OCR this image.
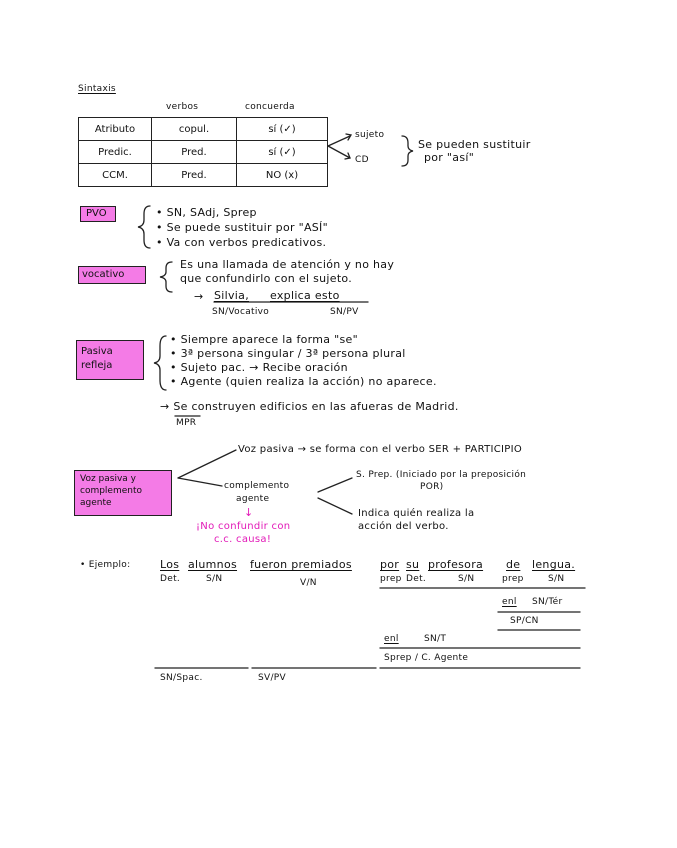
Sintaxis
verbos	concuerda
Atributo	copul.	sí (✓)
Predic.	Pred.	sí (✓)
CCM.	Pred.	NO (x)
sujeto
CD
Se pueden sustituir
por "así"
PVO	• SN, SAdj, Sprep
• Se puede sustituir por "ASÍ"
• Va con verbos predicativos.
vocativo
Es una llamada de atención y no hay
que confundirlo con el sujeto.
→ Silvia, explica esto
SN/Vocativo	SN/PV
Pasiva
refleja
• Siempre aparece la forma "se"
• 3ª persona singular / 3ª persona plural
• Sujeto pac. → Recibe oración
• Agente (quien realiza la acción) no aparece.
→ Se construyen edificios en las afueras de Madrid.
MPR
Voz pasiva y
complemento
agente
Voz pasiva → se forma con el verbo SER + PARTICIPIO
complemento
agente
S. Prep. (Iniciado por la preposición
POR)
Indica quién realiza la
acción del verbo.
↓
¡No confundir con
c.c. causa!
• Ejemplo:	Los alumnos fueron premiados	por su profesora de lengua.
Det.	S/N	V/N	prep Det.	S/N	prep	S/N
enl SN/Tér
SP/CN
enl	SN/T
Sprep / C. Agente
SN/Spac.	SV/PV
